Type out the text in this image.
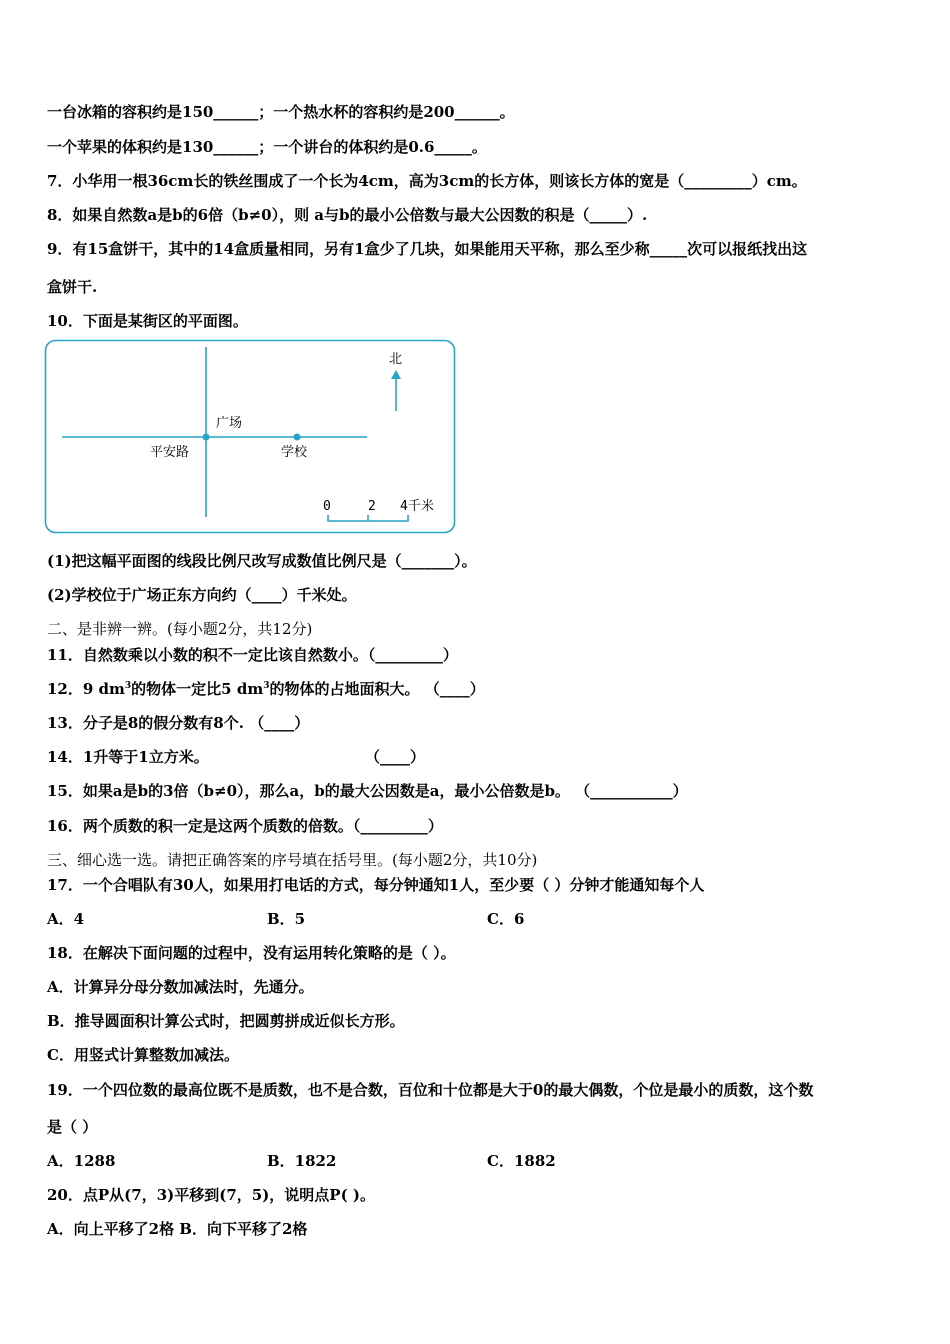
一台冰箱的容积约是150______；一个热水杯的容积约是200______。
一个苹果的体积约是130______；一个讲台的体积约是0.6_____。
7．小华用一根36cm长的铁丝围成了一个长为4cm，高为3cm的长方体，则该长方体的宽是（_________）cm。
8．如果自然数a是b的6倍（b≠0），则 a与b的最小公倍数与最大公因数的积是（_____）.
9．有15盒饼干，其中的14盒质量相同，另有1盒少了几块，如果能用天平称，那么至少称_____次可以报纸找出这
盒饼干.
10．下面是某街区的平面图。
北
广场
平安路	学校
0	2 4千米
(1)把这幅平面图的线段比例尺改写成数值比例尺是（_______）。
(2)学校位于广场正东方向约（____）千米处。
二、是非辨一辨。(每小题2分，共12分)
11．自然数乘以小数的积不一定比该自然数小。（_________）
12．9 $dm^3$的物体一定比5 $dm^3$的物体的占地面积大。 （____）
13．分子是8的假分数有8个. （____）
14．1升等于1立方米。	（____）
15．如果a是b的3倍（b≠0），那么a，b的最大公因数是a，最小公倍数是b。 （___________）
16．两个质数的积一定是这两个质数的倍数。（_________）
三、细心选一选。请把正确答案的序号填在括号里。(每小题2分，共10分)
17．一个合唱队有30人，如果用打电话的方式，每分钟通知1人，至少要（ ）分钟才能通知每个人
A．4	B．5	C．6
18．在解决下面问题的过程中，没有运用转化策略的是（ ）。
A．计算异分母分数加减法时，先通分。
B．推导圆面积计算公式时，把圆剪拼成近似长方形。
C．用竖式计算整数加减法。
19．一个四位数的最高位既不是质数，也不是合数，百位和十位都是大于0的最大偶数，个位是最小的质数，这个数
是（ ）
A．1288	B．1822	C．1882
20．点P从(7，3)平移到(7，5)，说明点P( )。
A．向上平移了2格 B．向下平移了2格
